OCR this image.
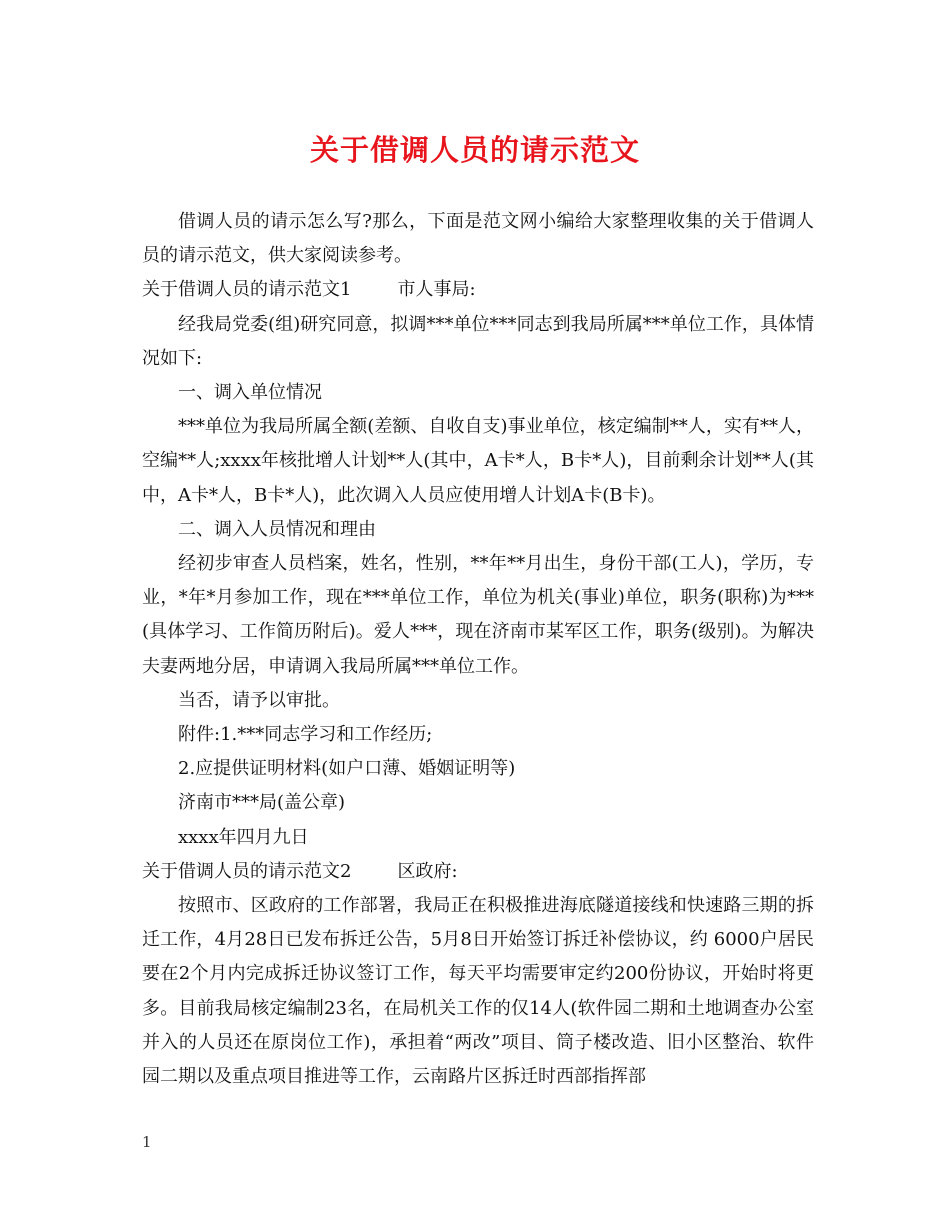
关于借调人员的请示范文

借调人员的请示怎么写?那么，下面是范文网小编给大家整理收集的关于借调人员的请示范文，供大家阅读参考。

关于借调人员的请示范文1	市人事局:

经我局党委(组)研究同意，拟调***单位***同志到我局所属***单位工作，具体情况如下:

一、调入单位情况

***单位为我局所属全额(差额、自收自支)事业单位，核定编制**人，实有**人，空编**人;xxxx年核批增人计划**人(其中，A卡*人，B卡*人)，目前剩余计划**人(其中，A卡*人，B卡*人)，此次调入人员应使用增人计划A卡(B卡)。

二、调入人员情况和理由

经初步审查人员档案，姓名，性别，**年**月出生，身份干部(工人)，学历，专业，*年*月参加工作，现在***单位工作，单位为机关(事业)单位，职务(职称)为***(具体学习、工作简历附后)。爱人***，现在济南市某军区工作，职务(级别)。为解决夫妻两地分居，申请调入我局所属***单位工作。

当否，请予以审批。

附件:1.***同志学习和工作经历;

2.应提供证明材料(如户口薄、婚姻证明等)

济南市***局(盖公章)

xxxx年四月九日

关于借调人员的请示范文2	区政府:

按照市、区政府的工作部署，我局正在积极推进海底隧道接线和快速路三期的拆迁工作，4月28日已发布拆迁公告，5月8日开始签订拆迁补偿协议，约 6000户居民要在2个月内完成拆迁协议签订工作，每天平均需要审定约200份协议，开始时将更多。目前我局核定编制23名，在局机关工作的仅14人(软件园二期和土地调查办公室并入的人员还在原岗位工作)，承担着“两改”项目、筒子楼改造、旧小区整治、软件园二期以及重点项目推进等工作，云南路片区拆迁时西部指挥部

1
